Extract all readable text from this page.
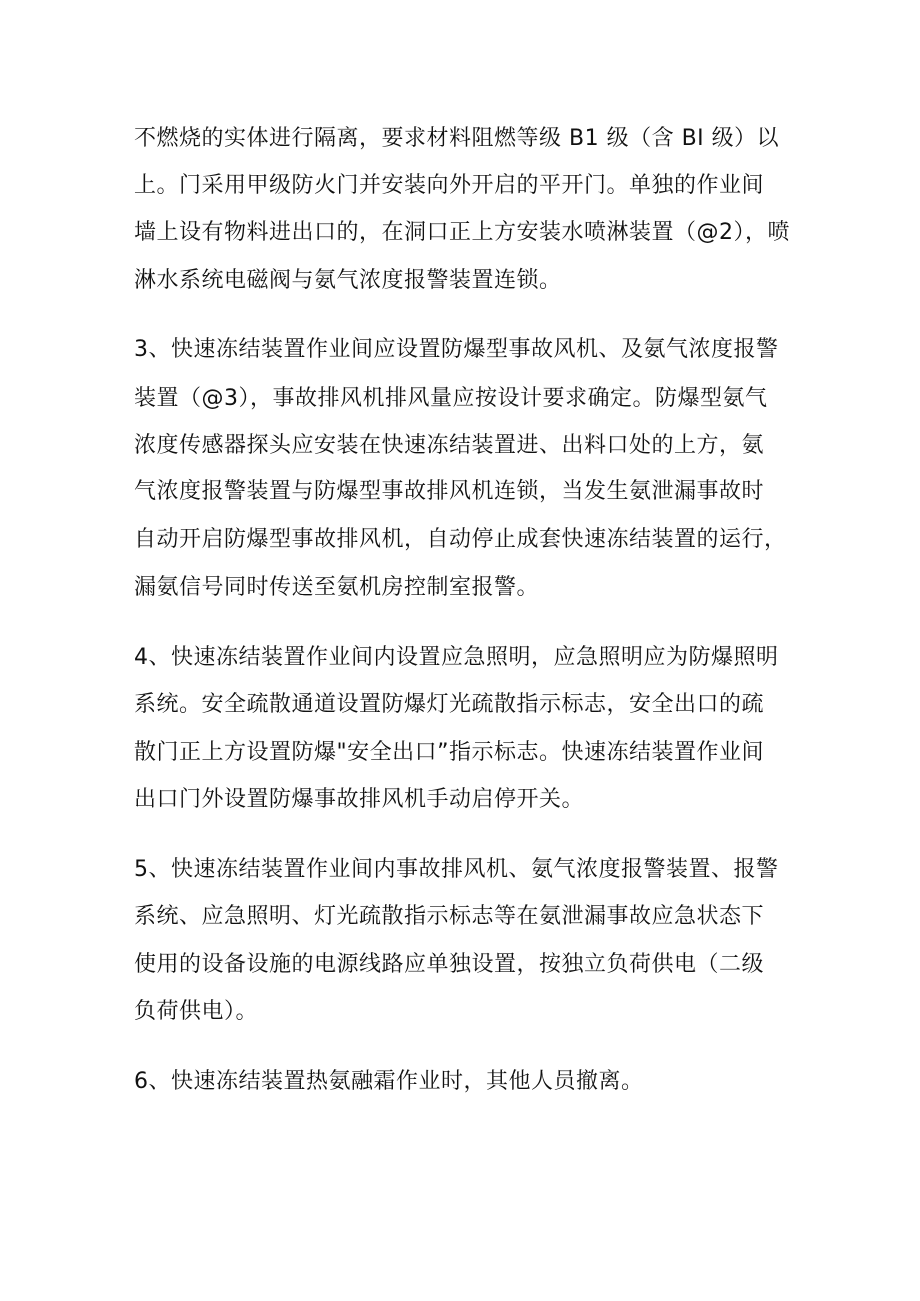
不燃烧的实体进行隔离，要求材料阻燃等级 B1 级（含 BI 级）以
上。门采用甲级防火门并安装向外开启的平开门。单独的作业间
墙上设有物料进出口的，在洞口正上方安装水喷淋装置（@2），喷
淋水系统电磁阀与氨气浓度报警装置连锁。
3、快速冻结装置作业间应设置防爆型事故风机、及氨气浓度报警
装置（@3），事故排风机排风量应按设计要求确定。防爆型氨气
浓度传感器探头应安装在快速冻结装置进、出料口处的上方，氨
气浓度报警装置与防爆型事故排风机连锁，当发生氨泄漏事故时
自动开启防爆型事故排风机，自动停止成套快速冻结装置的运行，
漏氨信号同时传送至氨机房控制室报警。
4、快速冻结装置作业间内设置应急照明，应急照明应为防爆照明
系统。安全疏散通道设置防爆灯光疏散指示标志，安全出口的疏
散门正上方设置防爆"安全出口”指示标志。快速冻结装置作业间
出口门外设置防爆事故排风机手动启停开关。
5、快速冻结装置作业间内事故排风机、氨气浓度报警装置、报警
系统、应急照明、灯光疏散指示标志等在氨泄漏事故应急状态下
使用的设备设施的电源线路应单独设置，按独立负荷供电（二级
负荷供电）。
6、快速冻结装置热氨融霜作业时，其他人员撤离。
